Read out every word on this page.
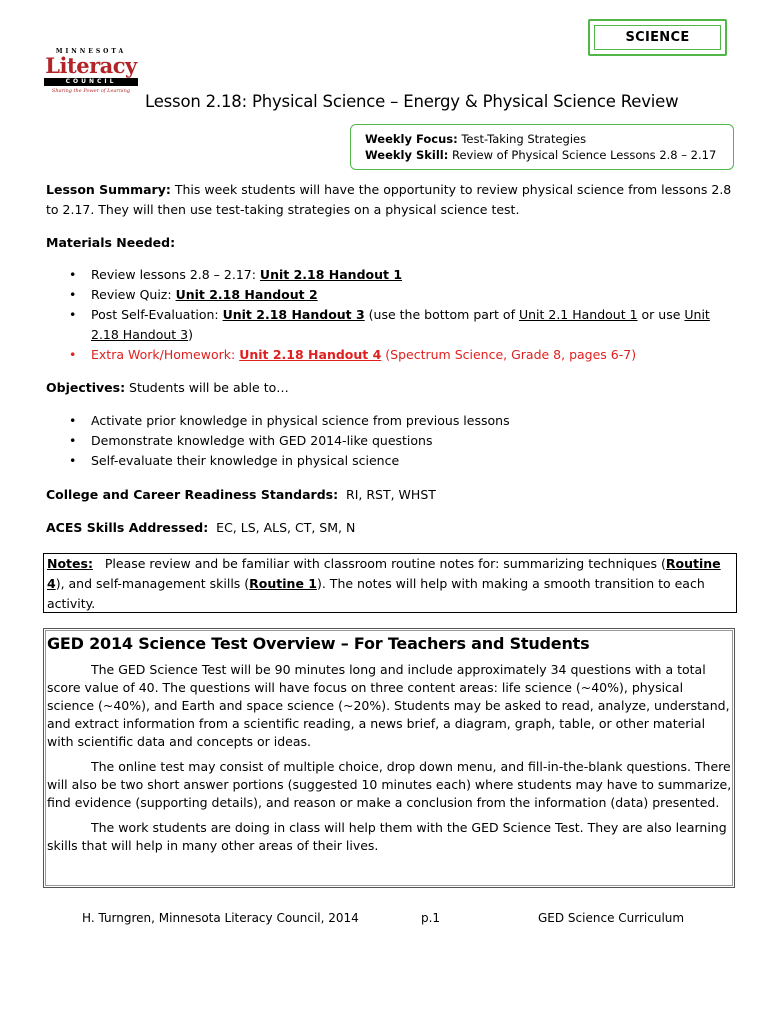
SCIENCE
MINNESOTA
Literacy
COUNCIL
Sharing the Power of Learning
Lesson 2.18: Physical Science – Energy & Physical Science Review
Weekly Focus: Test-Taking Strategies
Weekly Skill: Review of Physical Science Lessons 2.8 – 2.17
Lesson Summary: This week students will have the opportunity to review physical science from lessons 2.8 to 2.17. They will then use test-taking strategies on a physical science test.
Materials Needed:
• Review lessons 2.8 – 2.17: Unit 2.18 Handout 1
• Review Quiz: Unit 2.18 Handout 2
• Post Self-Evaluation: Unit 2.18 Handout 3 (use the bottom part of Unit 2.1 Handout 1 or use Unit 2.18 Handout 3)
• Extra Work/Homework: Unit 2.18 Handout 4 (Spectrum Science, Grade 8, pages 6-7)
Objectives: Students will be able to…
• Activate prior knowledge in physical science from previous lessons
• Demonstrate knowledge with GED 2014-like questions
• Self-evaluate their knowledge in physical science
College and Career Readiness Standards:  RI, RST, WHST
ACES Skills Addressed:  EC, LS, ALS, CT, SM, N
Notes:   Please review and be familiar with classroom routine notes for: summarizing techniques (Routine 4), and self-management skills (Routine 1). The notes will help with making a smooth transition to each activity.
GED 2014 Science Test Overview – For Teachers and Students

The GED Science Test will be 90 minutes long and include approximately 34 questions with a total score value of 40. The questions will have focus on three content areas: life science (~40%), physical science (~40%), and Earth and space science (~20%). Students may be asked to read, analyze, understand, and extract information from a scientific reading, a news brief, a diagram, graph, table, or other material with scientific data and concepts or ideas.

The online test may consist of multiple choice, drop down menu, and fill-in-the-blank questions. There will also be two short answer portions (suggested 10 minutes each) where students may have to summarize, find evidence (supporting details), and reason or make a conclusion from the information (data) presented.

The work students are doing in class will help them with the GED Science Test. They are also learning skills that will help in many other areas of their lives.

H. Turngren, Minnesota Literacy Council, 2014	p.1	GED Science Curriculum
